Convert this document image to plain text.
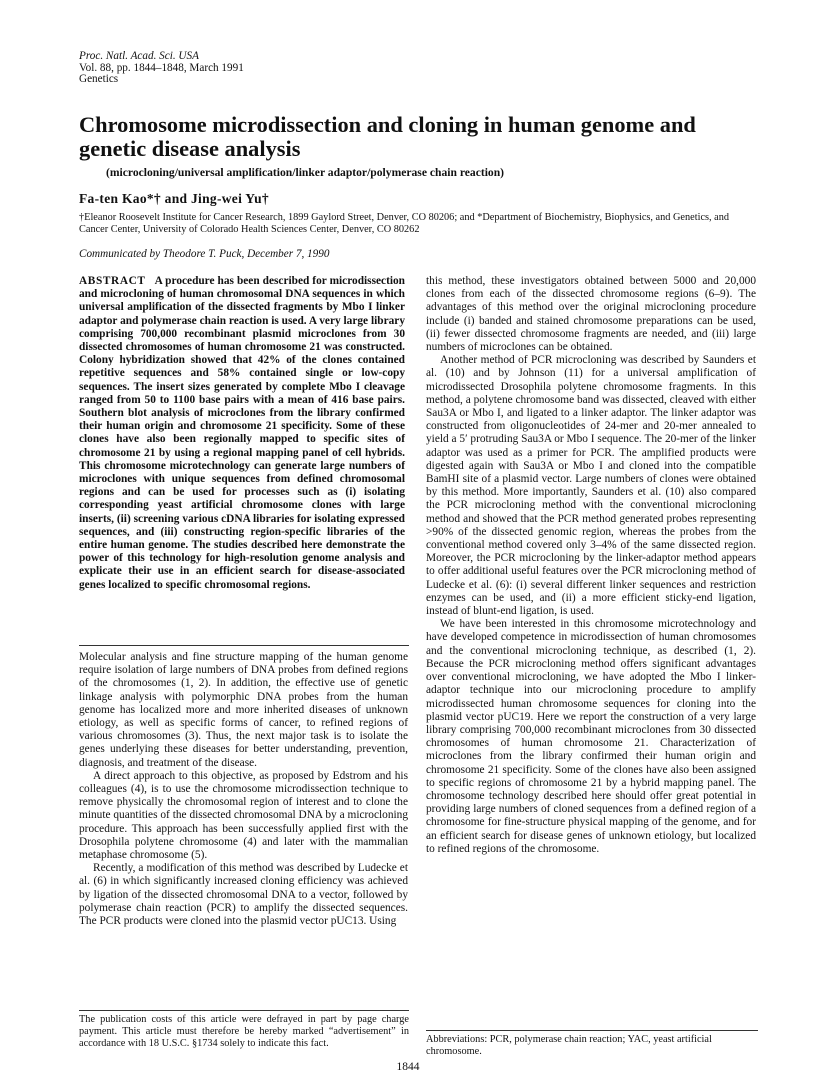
Proc. Natl. Acad. Sci. USA
Vol. 88, pp. 1844–1848, March 1991
Genetics
Chromosome microdissection and cloning in human genome and genetic disease analysis
(microcloning/universal amplification/linker adaptor/polymerase chain reaction)
Fa-ten Kao*† and Jing-wei Yu†
†Eleanor Roosevelt Institute for Cancer Research, 1899 Gaylord Street, Denver, CO 80206; and *Department of Biochemistry, Biophysics, and Genetics, and Cancer Center, University of Colorado Health Sciences Center, Denver, CO 80262
Communicated by Theodore T. Puck, December 7, 1990

ABSTRACT A procedure has been described for microdissection and microcloning of human chromosomal DNA sequences in which universal amplification of the dissected fragments by Mbo I linker adaptor and polymerase chain reaction is used. A very large library comprising 700,000 recombinant plasmid microclones from 30 dissected chromosomes of human chromosome 21 was constructed. Colony hybridization showed that 42% of the clones contained repetitive sequences and 58% contained single or low-copy sequences. The insert sizes generated by complete Mbo I cleavage ranged from 50 to 1100 base pairs with a mean of 416 base pairs. Southern blot analysis of microclones from the library confirmed their human origin and chromosome 21 specificity. Some of these clones have also been regionally mapped to specific sites of chromosome 21 by using a regional mapping panel of cell hybrids. This chromosome microtechnology can generate large numbers of microclones with unique sequences from defined chromosomal regions and can be used for processes such as (i) isolating corresponding yeast artificial chromosome clones with large inserts, (ii) screening various cDNA libraries for isolating expressed sequences, and (iii) constructing region-specific libraries of the entire human genome. The studies described here demonstrate the power of this technology for high-resolution genome analysis and explicate their use in an efficient search for disease-associated genes localized to specific chromosomal regions.

Molecular analysis and fine structure mapping of the human genome require isolation of large numbers of DNA probes from defined regions of the chromosomes (1, 2). In addition, the effective use of genetic linkage analysis with polymorphic DNA probes from the human genome has localized more and more inherited diseases of unknown etiology, as well as specific forms of cancer, to refined regions of various chromosomes (3). Thus, the next major task is to isolate the genes underlying these diseases for better understanding, prevention, diagnosis, and treatment of the disease.

A direct approach to this objective, as proposed by Edstrom and his colleagues (4), is to use the chromosome microdissection technique to remove physically the chromosomal region of interest and to clone the minute quantities of the dissected chromosomal DNA by a microcloning procedure. This approach has been successfully applied first with the Drosophila polytene chromosome (4) and later with the mammalian metaphase chromosome (5).

Recently, a modification of this method was described by Ludecke et al. (6) in which significantly increased cloning efficiency was achieved by ligation of the dissected chromosomal DNA to a vector, followed by polymerase chain reaction (PCR) to amplify the dissected sequences. The PCR products were cloned into the plasmid vector pUC13. Using

this method, these investigators obtained between 5000 and 20,000 clones from each of the dissected chromosome regions (6–9). The advantages of this method over the original microcloning procedure include (i) banded and stained chromosome preparations can be used, (ii) fewer dissected chromosome fragments are needed, and (iii) large numbers of microclones can be obtained.

Another method of PCR microcloning was described by Saunders et al. (10) and by Johnson (11) for a universal amplification of microdissected Drosophila polytene chromosome fragments. In this method, a polytene chromosome band was dissected, cleaved with either Sau3A or Mbo I, and ligated to a linker adaptor. The linker adaptor was constructed from oligonucleotides of 24-mer and 20-mer annealed to yield a 5′ protruding Sau3A or Mbo I sequence. The 20-mer of the linker adaptor was used as a primer for PCR. The amplified products were digested again with Sau3A or Mbo I and cloned into the compatible BamHI site of a plasmid vector. Large numbers of clones were obtained by this method. More importantly, Saunders et al. (10) also compared the PCR microcloning method with the conventional microcloning method and showed that the PCR method generated probes representing >90% of the dissected genomic region, whereas the probes from the conventional method covered only 3–4% of the same dissected region. Moreover, the PCR microcloning by the linker-adaptor method appears to offer additional useful features over the PCR microcloning method of Ludecke et al. (6): (i) several different linker sequences and restriction enzymes can be used, and (ii) a more efficient sticky-end ligation, instead of blunt-end ligation, is used.

We have been interested in this chromosome microtechnology and have developed competence in microdissection of human chromosomes and the conventional microcloning technique, as described (1, 2). Because the PCR microcloning method offers significant advantages over conventional microcloning, we have adopted the Mbo I linker-adaptor technique into our microcloning procedure to amplify microdissected human chromosome sequences for cloning into the plasmid vector pUC19. Here we report the construction of a very large library comprising 700,000 recombinant microclones from 30 dissected chromosomes of human chromosome 21. Characterization of microclones from the library confirmed their human origin and chromosome 21 specificity. Some of the clones have also been assigned to specific regions of chromosome 21 by a hybrid mapping panel. The chromosome technology described here should offer great potential in providing large numbers of cloned sequences from a defined region of a chromosome for fine-structure physical mapping of the genome, and for an efficient search for disease genes of unknown etiology, but localized to refined regions of the chromosome.

The publication costs of this article were defrayed in part by page charge payment. This article must therefore be hereby marked “advertisement” in accordance with 18 U.S.C. §1734 solely to indicate this fact.	Abbreviations: PCR, polymerase chain reaction; YAC, yeast artificial chromosome.
1844
